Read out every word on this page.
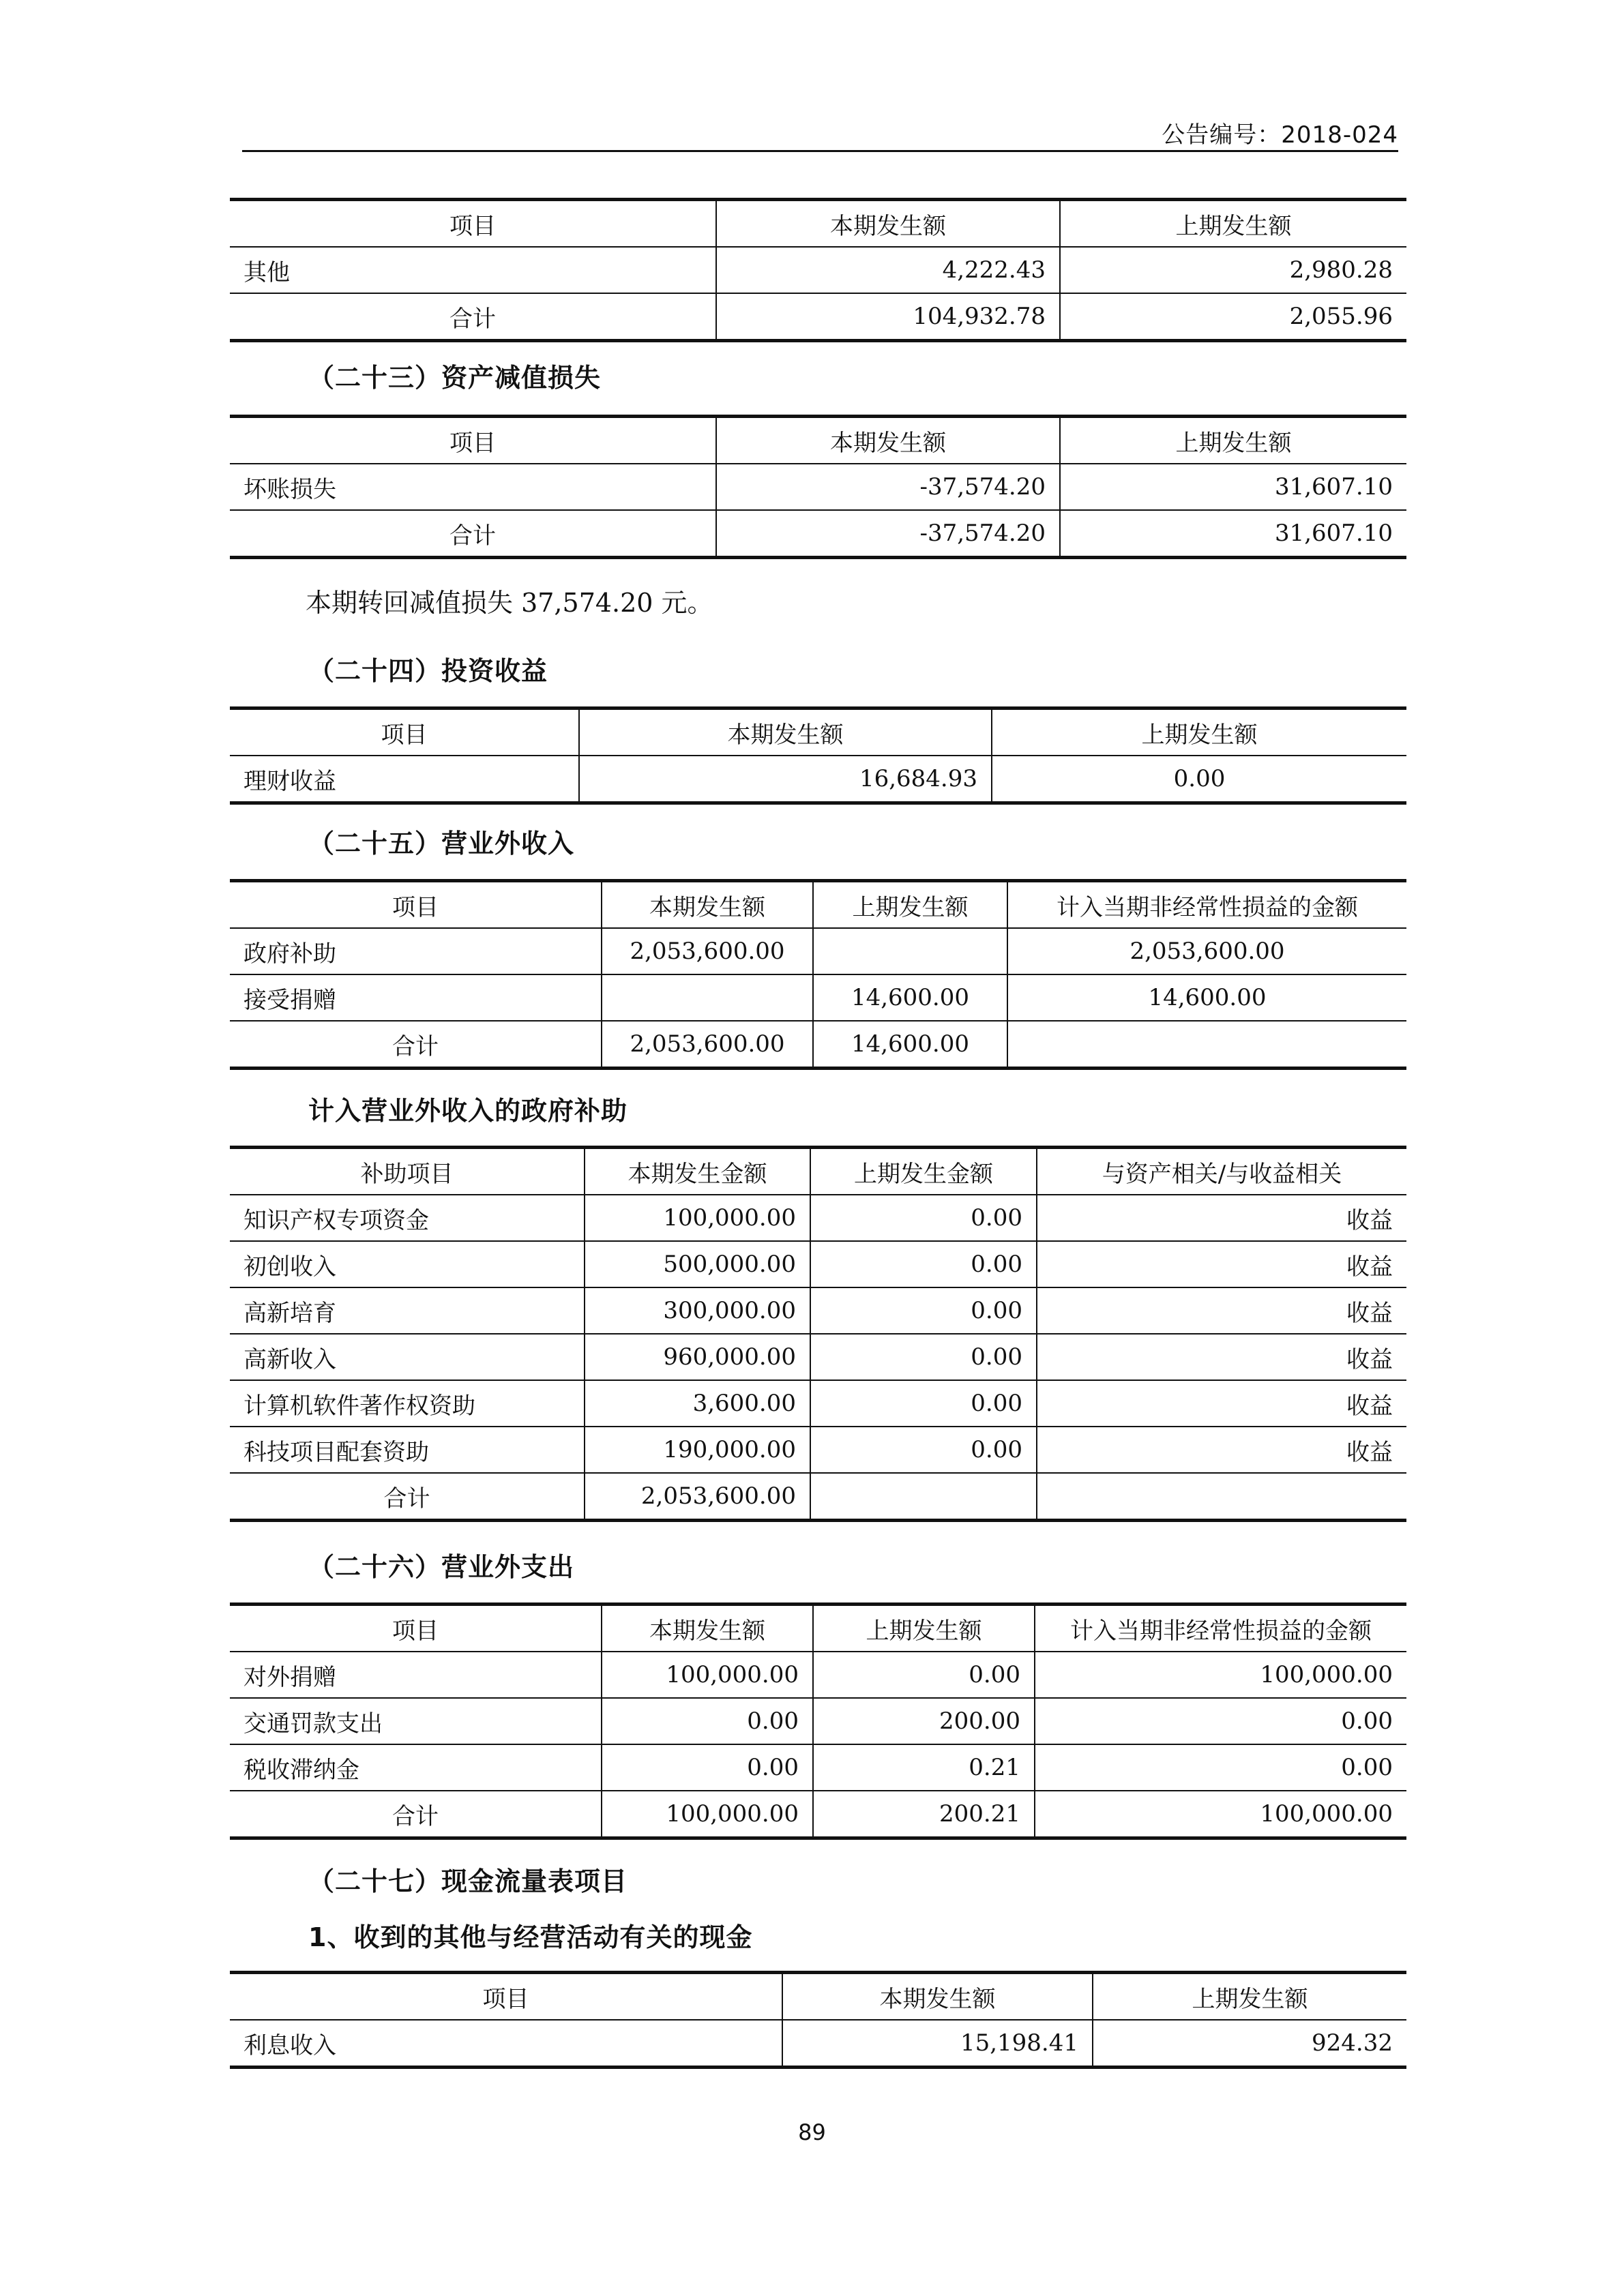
公告编号：2018-024
项目	本期发生额	上期发生额
其他	4,222.43	2,980.28
合计	104,932.78	2,055.96
（二十三）资产减值损失
项目	本期发生额	上期发生额
坏账损失	-37,574.20	31,607.10
合计	-37,574.20	31,607.10
本期转回减值损失 37,574.20 元。
（二十四）投资收益
项目	本期发生额	上期发生额
理财收益	16,684.93	0.00
（二十五）营业外收入
项目	本期发生额	上期发生额	计入当期非经常性损益的金额
政府补助	2,053,600.00		2,053,600.00
接受捐赠		14,600.00	14,600.00
合计	2,053,600.00	14,600.00	
计入营业外收入的政府补助
补助项目	本期发生金额	上期发生金额	与资产相关/与收益相关
知识产权专项资金	100,000.00	0.00	收益
初创收入	500,000.00	0.00	收益
高新培育	300,000.00	0.00	收益
高新收入	960,000.00	0.00	收益
计算机软件著作权资助	3,600.00	0.00	收益
科技项目配套资助	190,000.00	0.00	收益
合计	2,053,600.00		
（二十六）营业外支出
项目	本期发生额	上期发生额	计入当期非经常性损益的金额
对外捐赠	100,000.00	0.00	100,000.00
交通罚款支出	0.00	200.00	0.00
税收滞纳金	0.00	0.21	0.00
合计	100,000.00	200.21	100,000.00
（二十七）现金流量表项目
1、收到的其他与经营活动有关的现金
项目	本期发生额	上期发生额
利息收入	15,198.41	924.32
89
